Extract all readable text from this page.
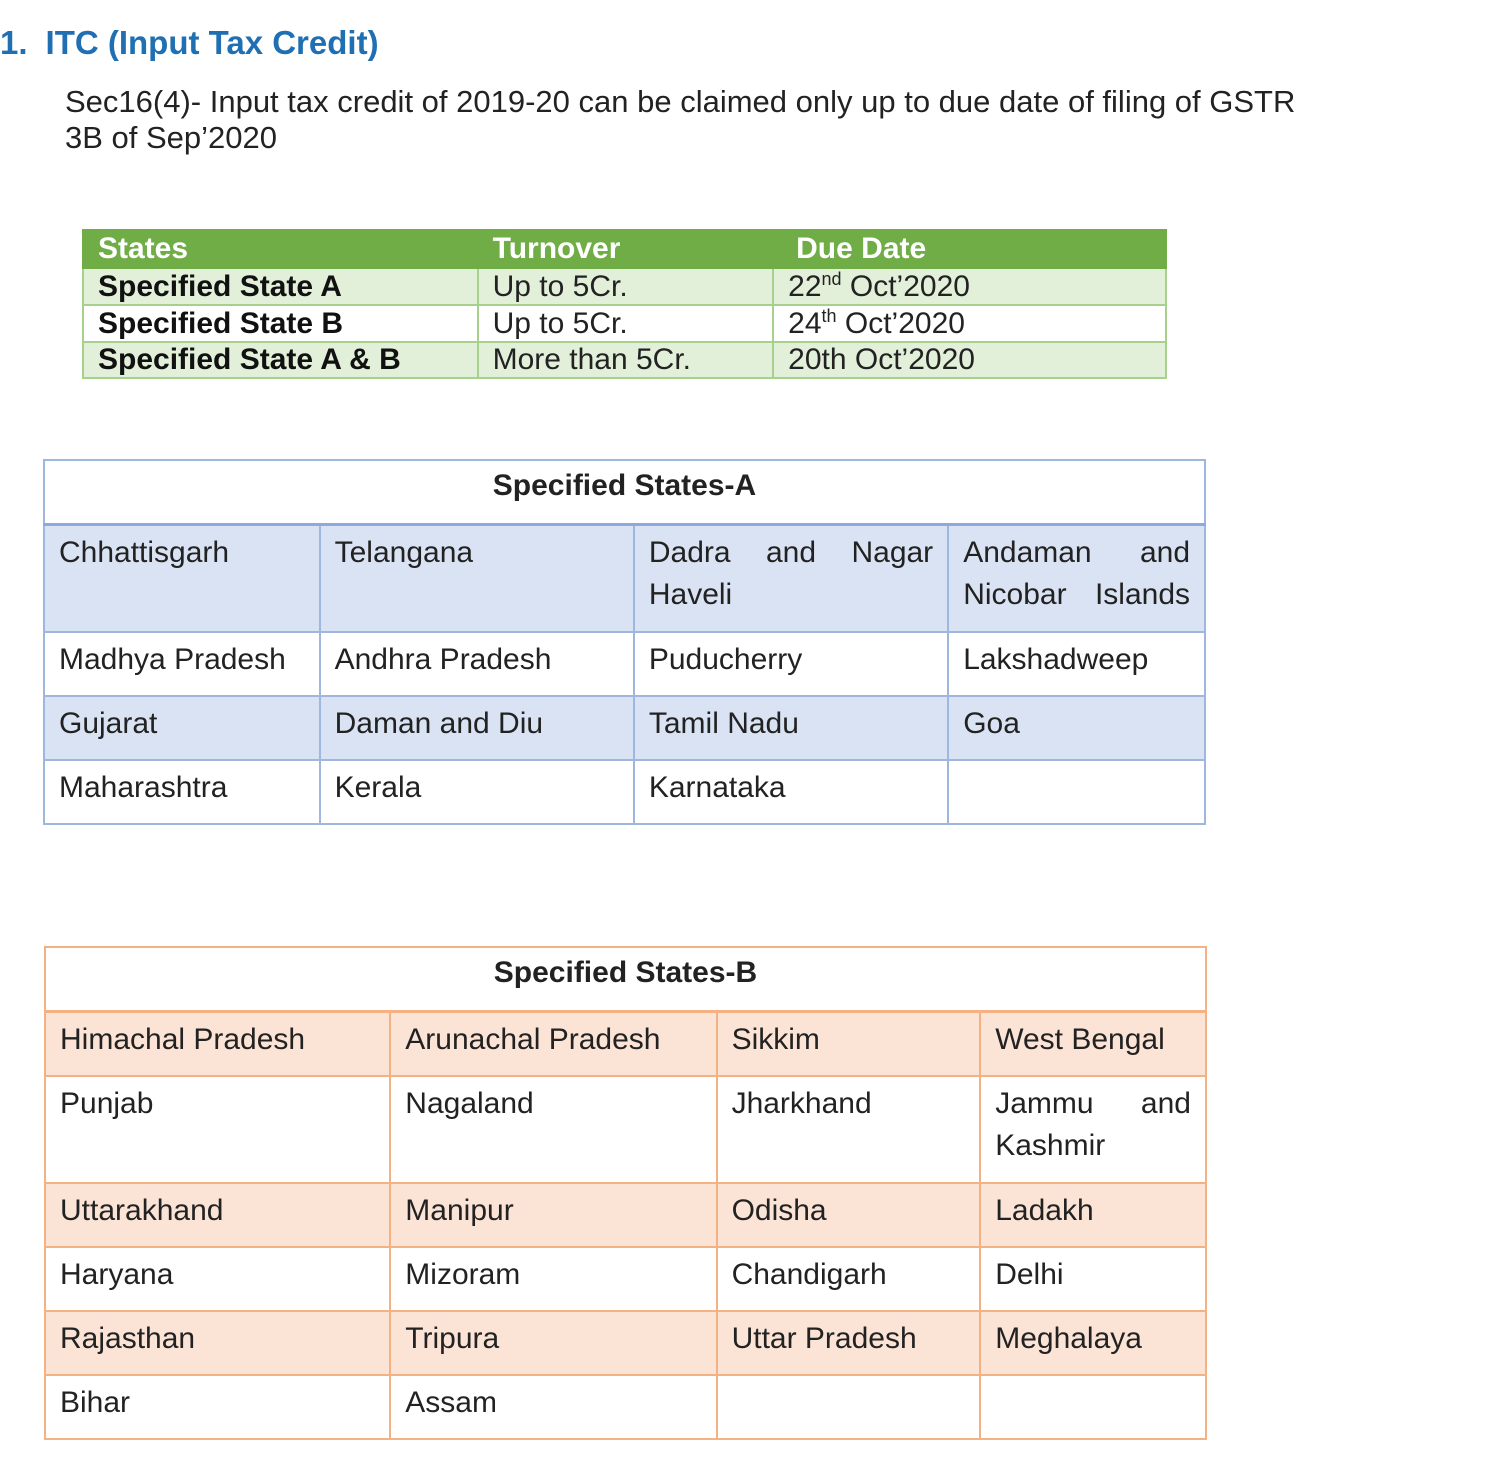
1. ITC (Input Tax Credit)
Sec16(4)- Input tax credit of 2019-20 can be claimed only up to due date of filing of GSTR 3B of Sep’2020
States	Turnover	Due Date
Specified State A	Up to 5Cr.	22nd Oct’2020
Specified State B	Up to 5Cr.	24th Oct’2020
Specified State A & B	More than 5Cr.	20th Oct’2020
Specified States-A			
Chhattisgarh	Telangana	Dadra and Nagar Haveli	Andaman and Nicobar Islands

Madhya Pradesh	Andhra Pradesh	Puducherry	Lakshadweep
Gujarat	Daman and Diu	Tamil Nadu	Goa
Maharashtra	Kerala	Karnataka	
Specified States-B			
Himachal Pradesh	Arunachal Pradesh	Sikkim	West Bengal
Punjab	Nagaland	Jharkhand	Jammu and Kashmir

Uttarakhand	Manipur	Odisha	Ladakh
Haryana	Mizoram	Chandigarh	Delhi
Rajasthan	Tripura	Uttar Pradesh	Meghalaya
Bihar	Assam		
